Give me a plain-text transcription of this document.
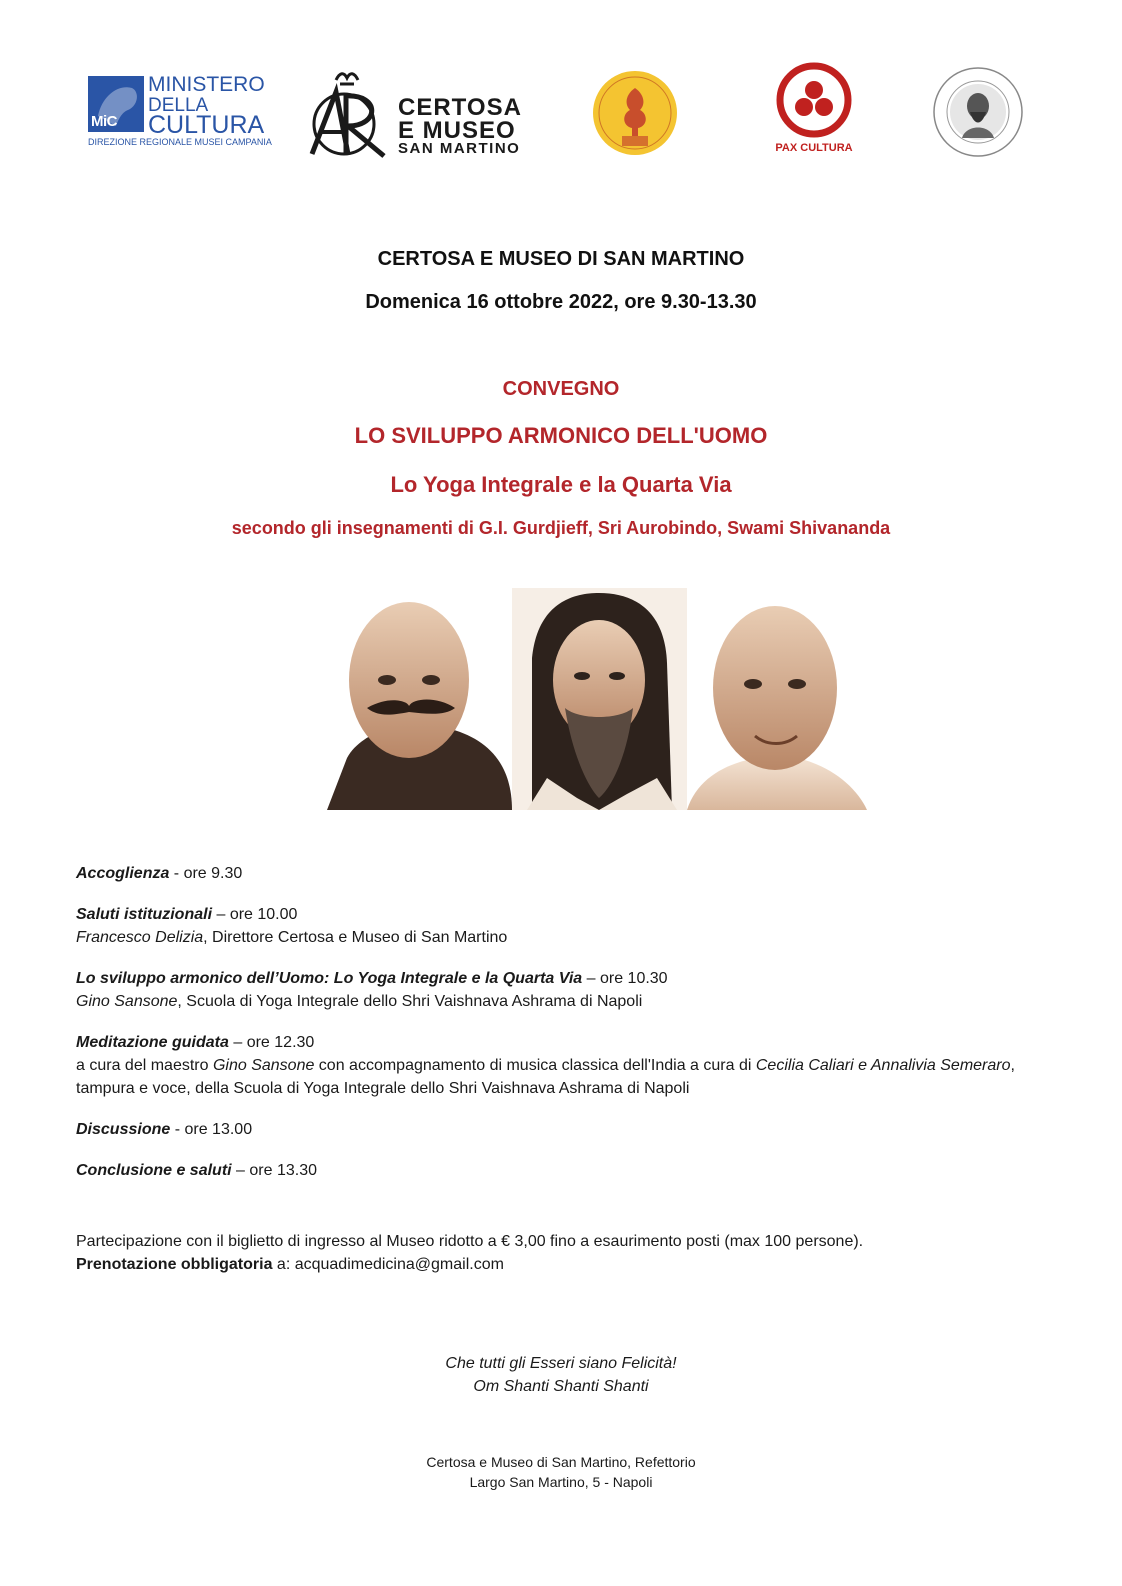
MiC
MINISTERO
DELLA
CULTURA
DIREZIONE REGIONALE MUSEI CAMPANIA
CERTOSA
E MUSEO
SAN MARTINO	PAX CULTURA
CERTOSA E MUSEO DI SAN MARTINO
Domenica 16 ottobre 2022, ore 9.30-13.30
CONVEGNO
LO SVILUPPO ARMONICO DELL'UOMO
Lo Yoga Integrale e la Quarta Via
secondo gli insegnamenti di G.I. Gurdjieff, Sri Aurobindo, Swami Shivananda
Accoglienza - ore 9.30
Saluti istituzionali – ore 10.00
Francesco Delizia, Direttore Certosa e Museo di San Martino
Lo sviluppo armonico dell’Uomo: Lo Yoga Integrale e la Quarta Via – ore 10.30
Gino Sansone, Scuola di Yoga Integrale dello Shri Vaishnava Ashrama di Napoli
Meditazione guidata – ore 12.30
a cura del maestro Gino Sansone con accompagnamento di musica classica dell'India a cura di Cecilia Caliari e Annalivia Semeraro, tampura e voce, della Scuola di Yoga Integrale dello Shri Vaishnava Ashrama di Napoli
Discussione - ore 13.00
Conclusione e saluti – ore 13.30
Partecipazione con il biglietto di ingresso al Museo ridotto a € 3,00 fino a esaurimento posti (max 100 persone).
Prenotazione obbligatoria a: acquadimedicina@gmail.com
Che tutti gli Esseri siano Felicità!
Om Shanti Shanti Shanti
Certosa e Museo di San Martino, Refettorio
Largo San Martino, 5 - Napoli
